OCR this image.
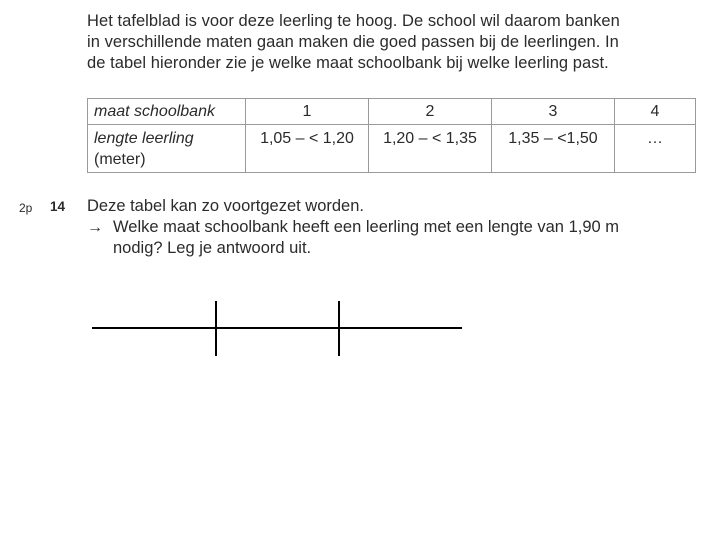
Het tafelblad is voor deze leerling te hoog. De school wil daarom banken
in verschillende maten gaan maken die goed passen bij de leerlingen. In
de tabel hieronder zie je welke maat schoolbank bij welke leerling past.
maat schoolbank	1	2	3	4
lengte leerling
(meter)	1,05 – < 1,20	1,20 – < 1,35	1,35 – <1,50	…
2p 14 Deze tabel kan zo voortgezet worden.
→ Welke maat schoolbank heeft een leerling met een lengte van 1,90 m
nodig? Leg je antwoord uit.
